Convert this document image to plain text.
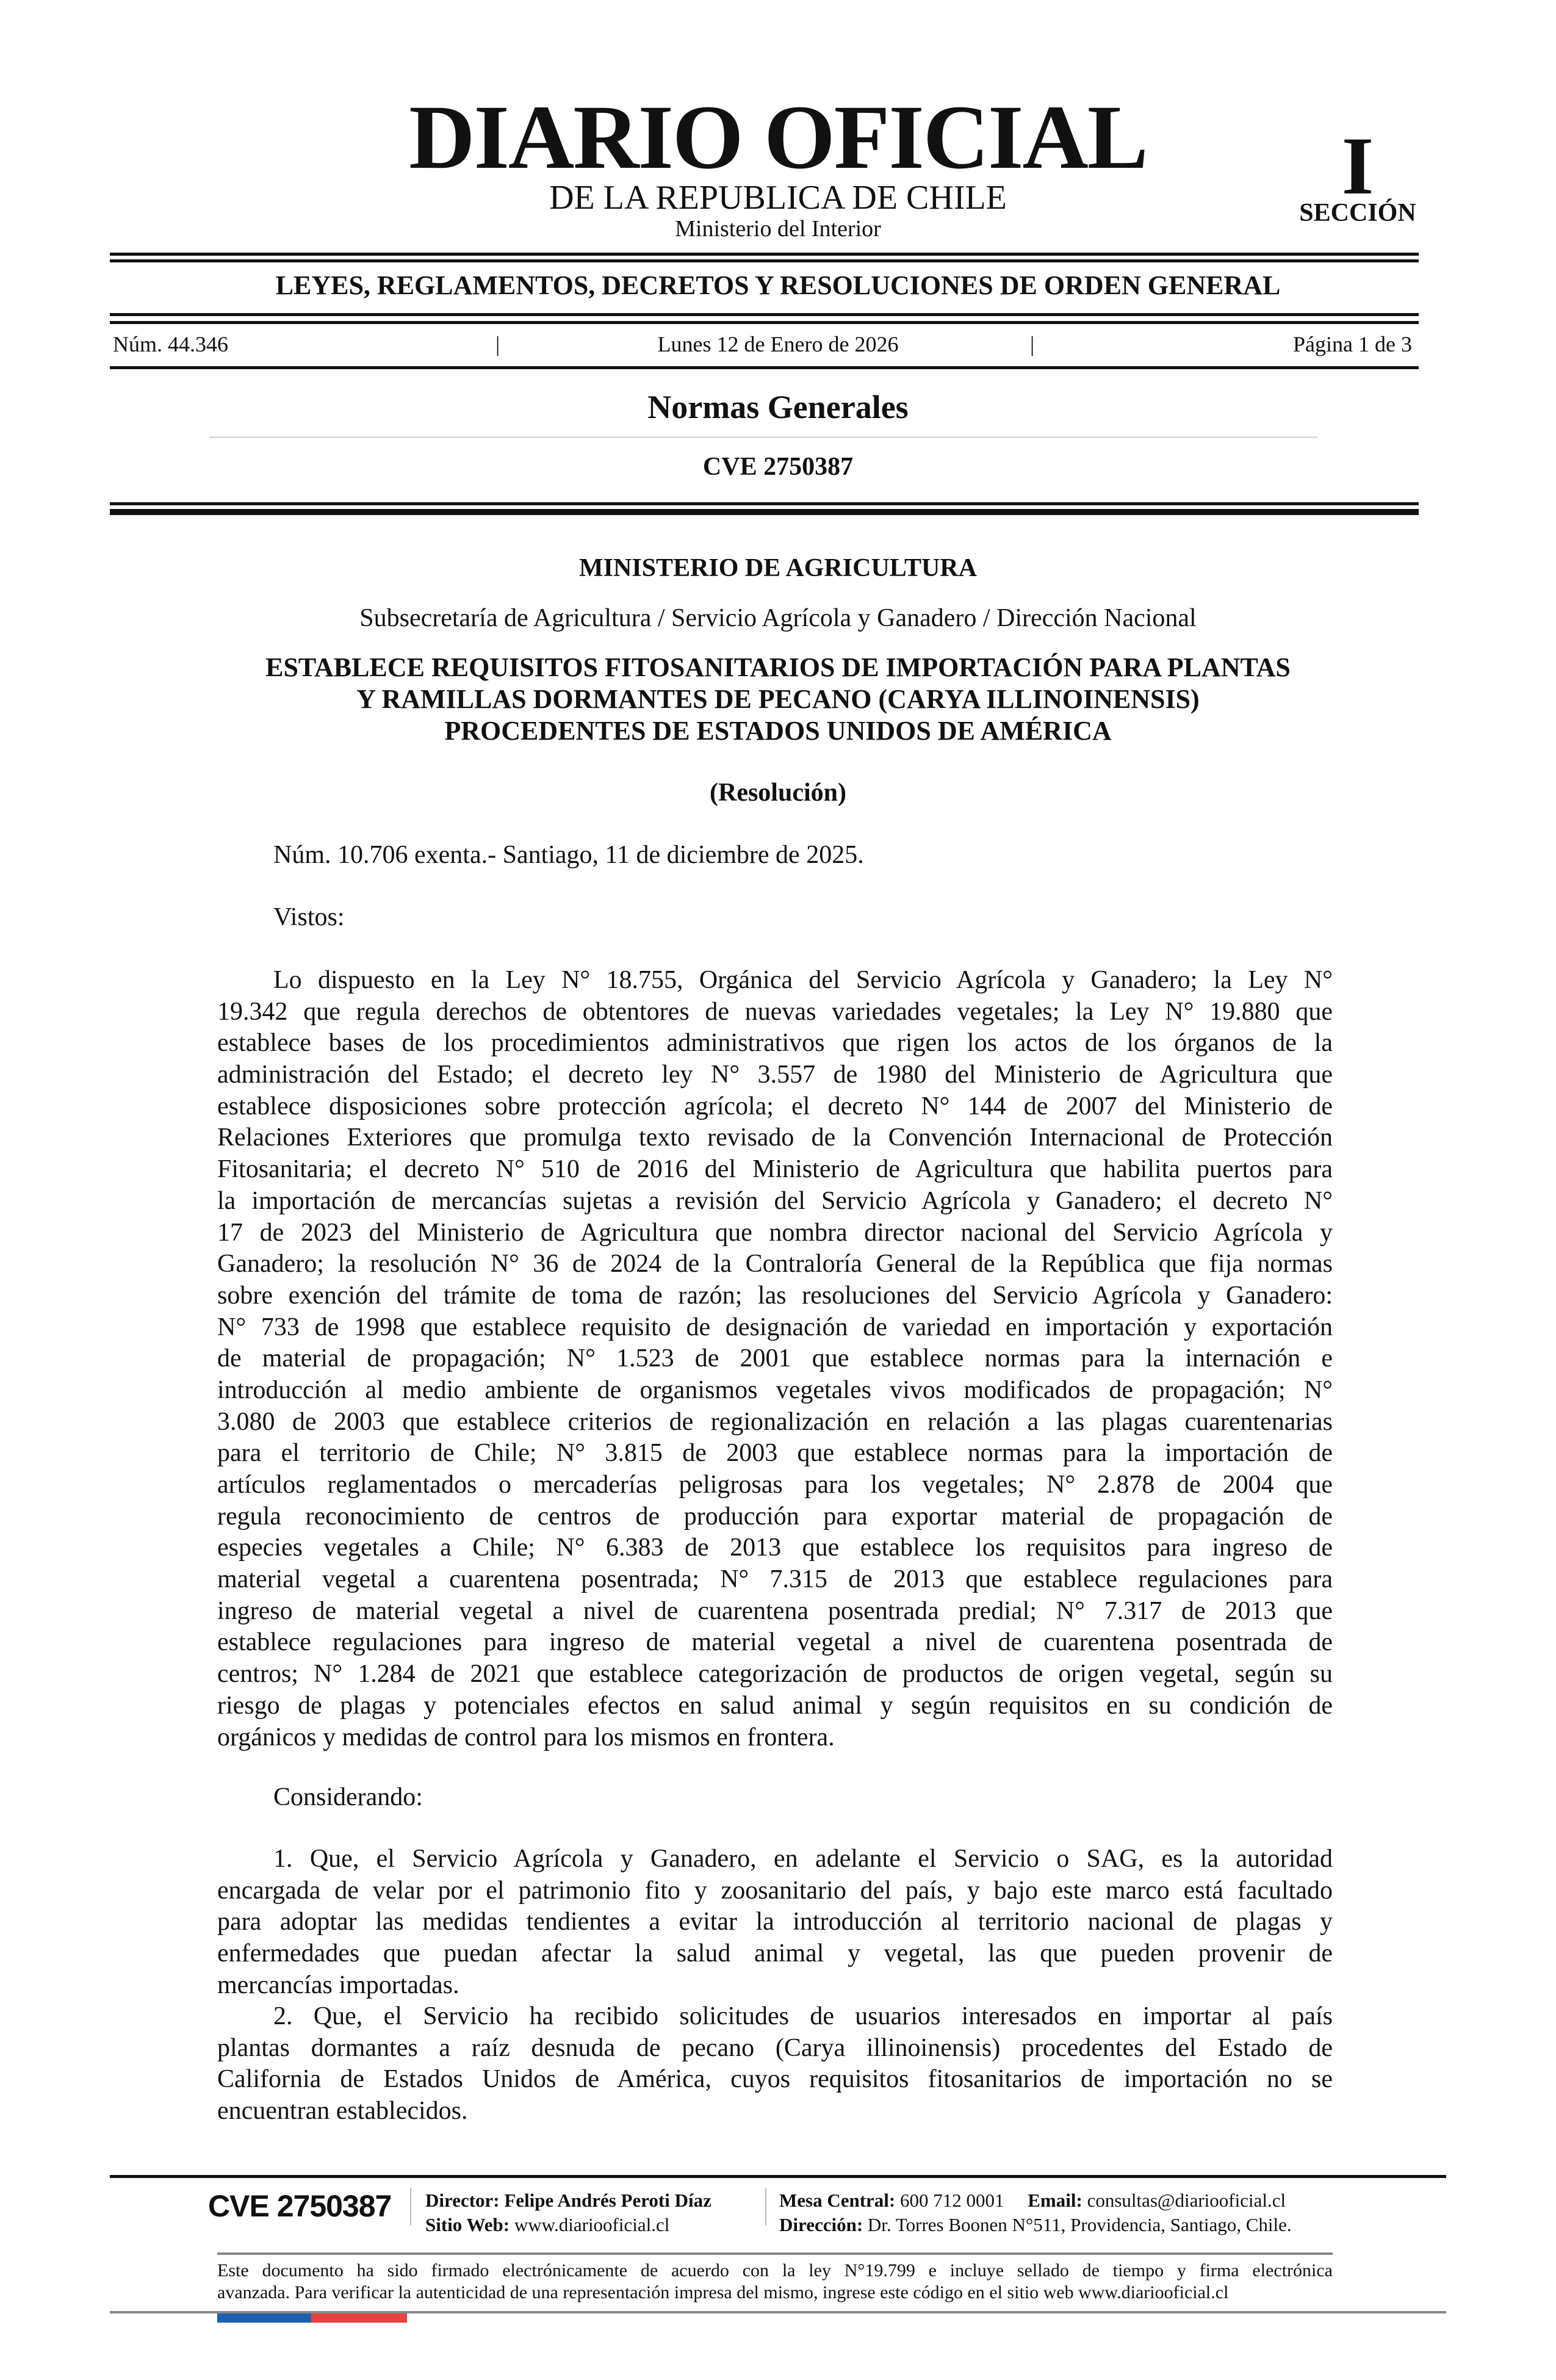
DIARIO OFICIAL
DE LA REPUBLICA DE CHILE
Ministerio del Interior
I
SECCIÓN
LEYES, REGLAMENTOS, DECRETOS Y RESOLUCIONES DE ORDEN GENERAL
Núm. 44.346	|	Lunes 12 de Enero de 2026	|	Página 1 de 3
Normas Generales
CVE 2750387
MINISTERIO DE AGRICULTURA
Subsecretaría de Agricultura / Servicio Agrícola y Ganadero / Dirección Nacional
ESTABLECE REQUISITOS FITOSANITARIOS DE IMPORTACIÓN PARA PLANTAS
Y RAMILLAS DORMANTES DE PECANO (CARYA ILLINOINENSIS)
PROCEDENTES DE ESTADOS UNIDOS DE AMÉRICA
(Resolución)
Núm. 10.706 exenta.- Santiago, 11 de diciembre de 2025.
Vistos:
Lo dispuesto en la Ley N° 18.755, Orgánica del Servicio Agrícola y Ganadero; la Ley N°
19.342 que regula derechos de obtentores de nuevas variedades vegetales; la Ley N° 19.880 que
establece bases de los procedimientos administrativos que rigen los actos de los órganos de la
administración del Estado; el decreto ley N° 3.557 de 1980 del Ministerio de Agricultura que
establece disposiciones sobre protección agrícola; el decreto N° 144 de 2007 del Ministerio de
Relaciones Exteriores que promulga texto revisado de la Convención Internacional de Protección
Fitosanitaria; el decreto N° 510 de 2016 del Ministerio de Agricultura que habilita puertos para
la importación de mercancías sujetas a revisión del Servicio Agrícola y Ganadero; el decreto N°
17 de 2023 del Ministerio de Agricultura que nombra director nacional del Servicio Agrícola y
Ganadero; la resolución N° 36 de 2024 de la Contraloría General de la República que fija normas
sobre exención del trámite de toma de razón; las resoluciones del Servicio Agrícola y Ganadero:
N° 733 de 1998 que establece requisito de designación de variedad en importación y exportación
de material de propagación; N° 1.523 de 2001 que establece normas para la internación e
introducción al medio ambiente de organismos vegetales vivos modificados de propagación; N°
3.080 de 2003 que establece criterios de regionalización en relación a las plagas cuarentenarias
para el territorio de Chile; N° 3.815 de 2003 que establece normas para la importación de
artículos reglamentados o mercaderías peligrosas para los vegetales; N° 2.878 de 2004 que
regula reconocimiento de centros de producción para exportar material de propagación de
especies vegetales a Chile; N° 6.383 de 2013 que establece los requisitos para ingreso de
material vegetal a cuarentena posentrada; N° 7.315 de 2013 que establece regulaciones para
ingreso de material vegetal a nivel de cuarentena posentrada predial; N° 7.317 de 2013 que
establece regulaciones para ingreso de material vegetal a nivel de cuarentena posentrada de
centros; N° 1.284 de 2021 que establece categorización de productos de origen vegetal, según su
riesgo de plagas y potenciales efectos en salud animal y según requisitos en su condición de
orgánicos y medidas de control para los mismos en frontera.
Considerando:
1. Que, el Servicio Agrícola y Ganadero, en adelante el Servicio o SAG, es la autoridad
encargada de velar por el patrimonio fito y zoosanitario del país, y bajo este marco está facultado
para adoptar las medidas tendientes a evitar la introducción al territorio nacional de plagas y
enfermedades que puedan afectar la salud animal y vegetal, las que pueden provenir de
mercancías importadas.
2. Que, el Servicio ha recibido solicitudes de usuarios interesados en importar al país
plantas dormantes a raíz desnuda de pecano (Carya illinoinensis) procedentes del Estado de
California de Estados Unidos de América, cuyos requisitos fitosanitarios de importación no se
encuentran establecidos.
CVE 2750387 Director: Felipe Andrés Peroti Díaz
Sitio Web: www.diariooficial.cl
Mesa Central: 600 712 0001 Email: consultas@diariooficial.cl
Dirección: Dr. Torres Boonen N°511, Providencia, Santiago, Chile.
Este documento ha sido firmado electrónicamente de acuerdo con la ley N°19.799 e incluye sellado de tiempo y firma electrónica
avanzada. Para verificar la autenticidad de una representación impresa del mismo, ingrese este código en el sitio web www.diariooficial.cl
